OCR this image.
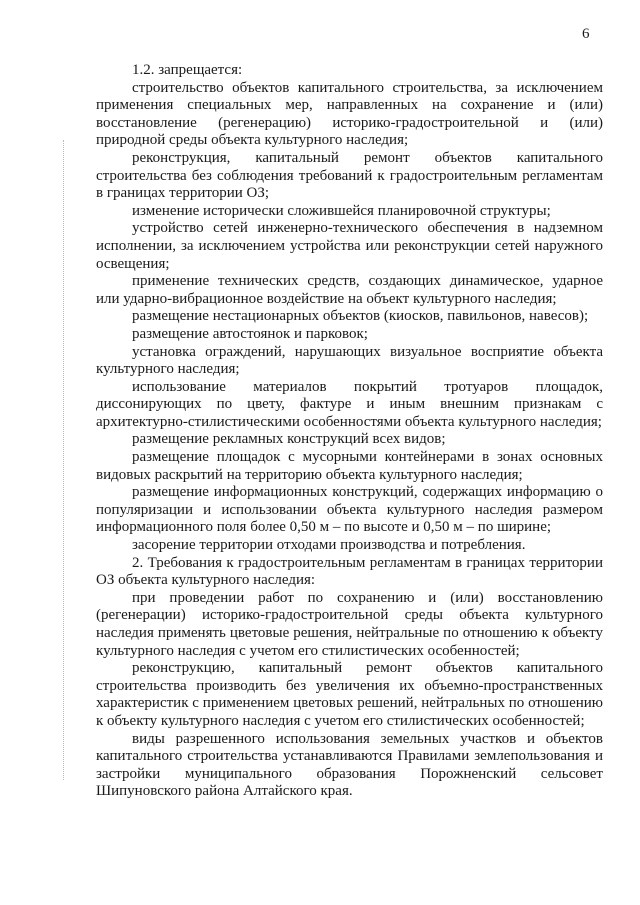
6

1.2. запрещается:

строительство объектов капитального строительства, за исключением применения специальных мер, направленных на сохранение и (или) восстановление (регенерацию) историко-градостроительной и (или) природной среды объекта культурного наследия;

реконструкция, капитальный ремонт объектов капитального строительства без соблюдения требований к градостроительным регламентам в границах территории ОЗ;

изменение исторически сложившейся планировочной структуры;

устройство сетей инженерно-технического обеспечения в надземном исполнении, за исключением устройства или реконструкции сетей наружного освещения;

применение технических средств, создающих динамическое, ударное или ударно-вибрационное воздействие на объект культурного наследия;

размещение нестационарных объектов (киосков, павильонов, навесов);

размещение автостоянок и парковок;

установка ограждений, нарушающих визуальное восприятие объекта культурного наследия;

использование материалов покрытий тротуаров площадок, диссонирующих по цвету, фактуре и иным внешним признакам с архитектурно-стилистическими особенностями объекта культурного наследия;

размещение рекламных конструкций всех видов;

размещение площадок с мусорными контейнерами в зонах основных видовых раскрытий на территорию объекта культурного наследия;

размещение информационных конструкций, содержащих информацию о популяризации и использовании объекта культурного наследия размером информационного поля более 0,50 м – по высоте и 0,50 м – по ширине;

засорение территории отходами производства и потребления.

2. Требования к градостроительным регламентам в границах территории ОЗ объекта культурного наследия:

при проведении работ по сохранению и (или) восстановлению (регенерации) историко-градостроительной среды объекта культурного наследия применять цветовые решения, нейтральные по отношению к объекту культурного наследия с учетом его стилистических особенностей;

реконструкцию, капитальный ремонт объектов капитального строительства производить без увеличения их объемно-пространственных характеристик с применением цветовых решений, нейтральных по отношению к объекту культурного наследия с учетом его стилистических особенностей;

виды разрешенного использования земельных участков и объектов капитального строительства устанавливаются Правилами землепользования и застройки муниципального образования Порожненский сельсовет Шипуновского района Алтайского края.
